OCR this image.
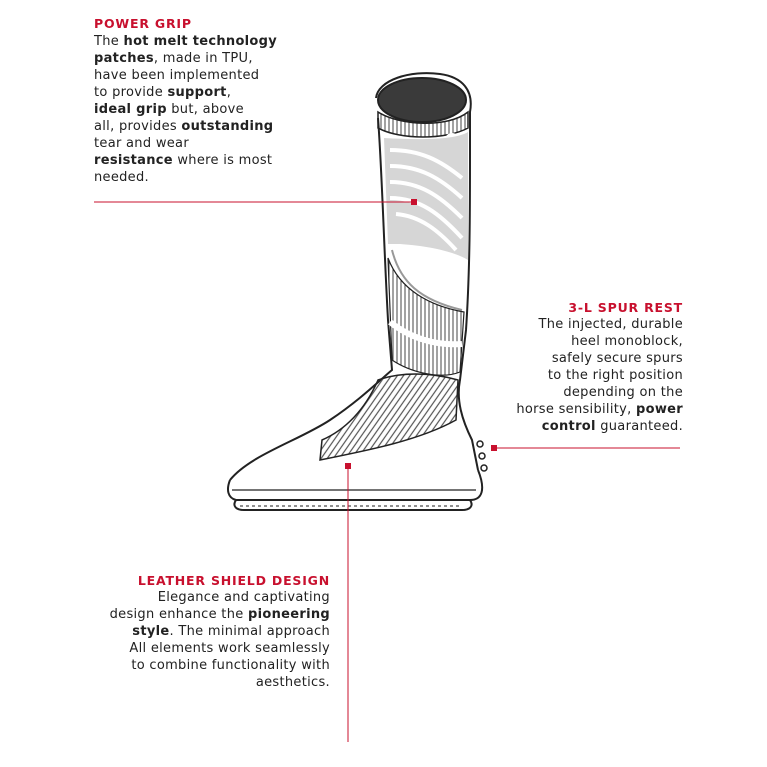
POWER GRIP
The hot melt technology
patches, made in TPU,
have been implemented
to provide support,
ideal grip but, above
all, provides outstanding
tear and wear
resistance where is most
needed.
3-L SPUR REST
The injected, durable
heel monoblock,
safely secure spurs
to the right position
depending on the
horse sensibility, power
control guaranteed.
LEATHER SHIELD DESIGN
Elegance and captivating
design enhance the pioneering
style. The minimal approach
All elements work seamlessly
to combine functionality with
aesthetics.
